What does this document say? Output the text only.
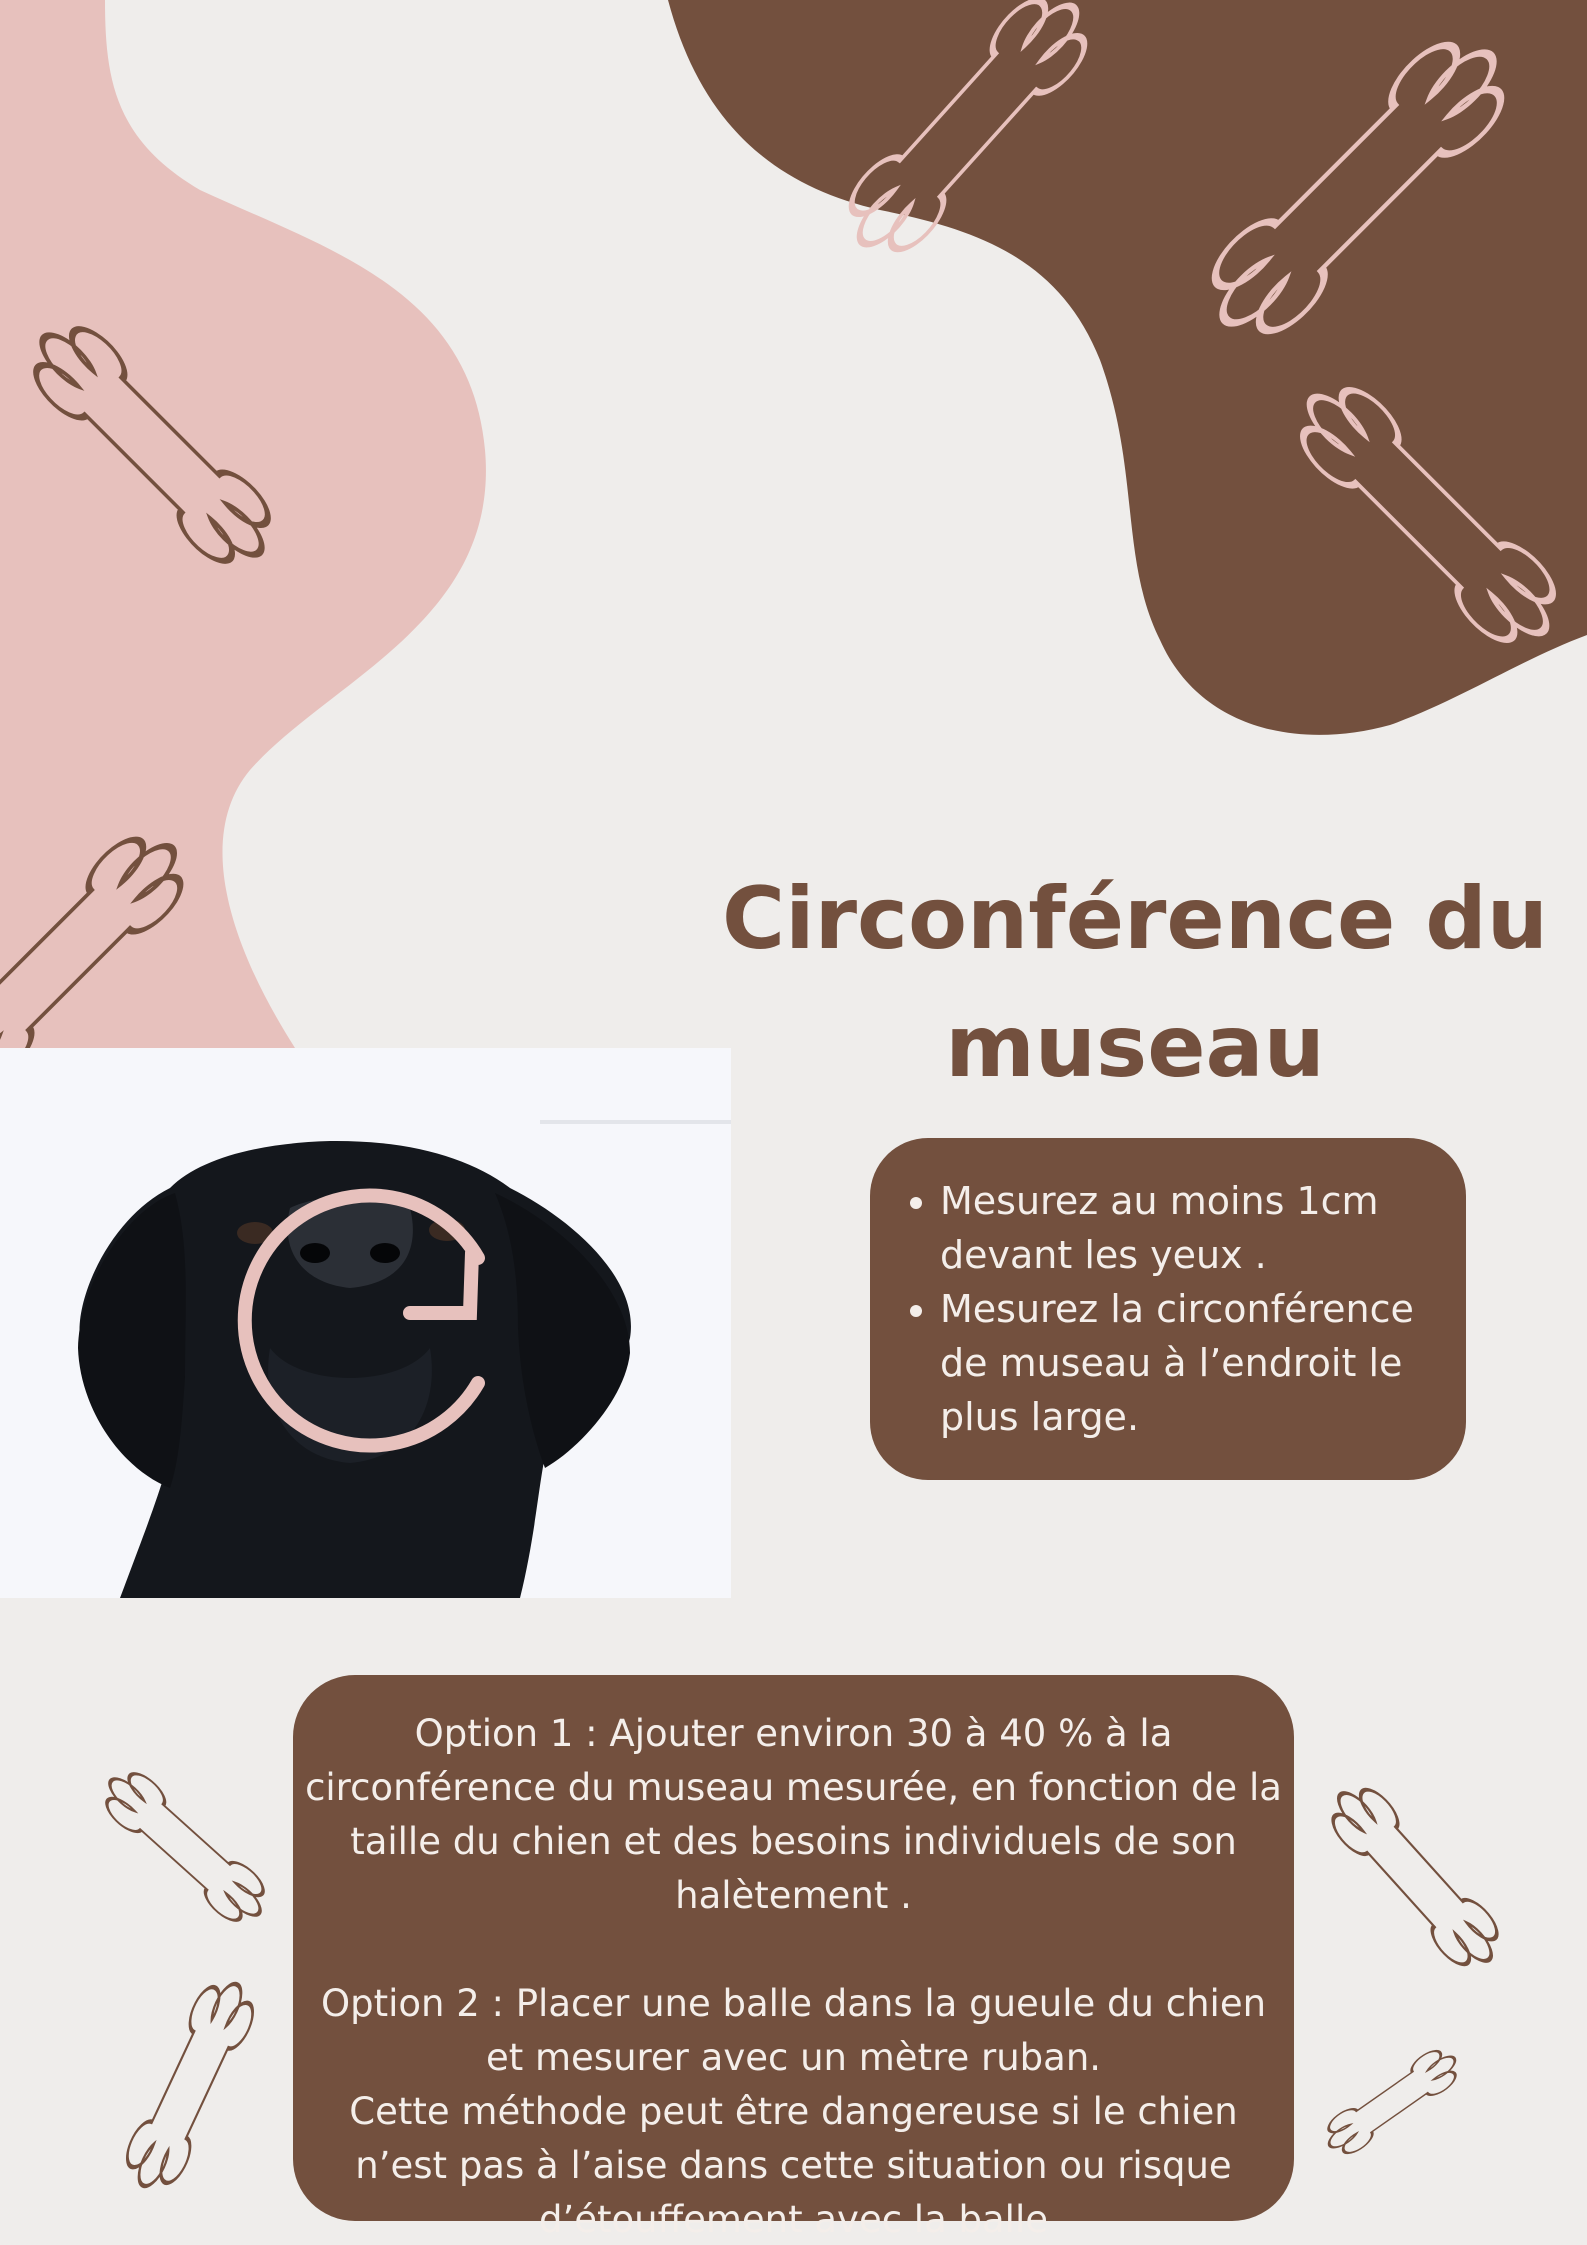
Circonférence du museau
• Mesurez au moins 1cm devant les yeux .
• Mesurez la circonférence de museau à l’endroit le plus large.

Option 1 : Ajouter environ 30 à 40 % à la circonférence du museau mesurée, en fonction de la taille du chien et des besoins individuels de son halètement .

Option 2 : Placer une balle dans la gueule du chien et mesurer avec un mètre ruban.

Cette méthode peut être dangereuse si le chien n’est pas à l’aise dans cette situation ou risque d’étouffement avec la balle
